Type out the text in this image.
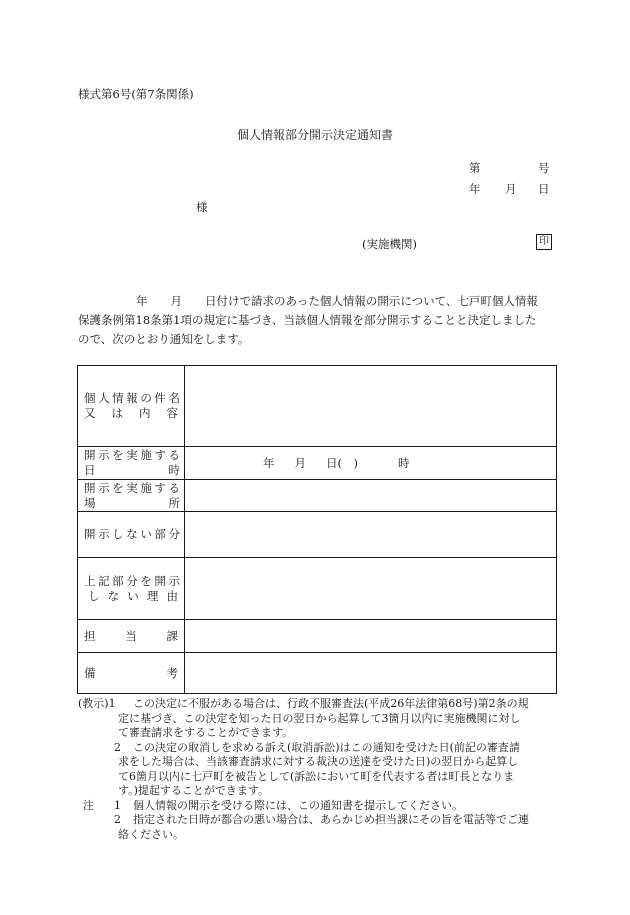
様式第6号(第7条関係)
個人情報部分開示決定通知書
第	号
年 月 日
様
(実施機関)	印
年　　月　　日付けで請求のあった個人情報の開示について、七戸町個人情報
保護条例第18条第1項の規定に基づき、当該個人情報を部分開示することと決定しました
ので、次のとおり通知をします。
個人情報の件名
又は内容	

開示を実施する
日時	年 月 日(　) 時

開示を実施する
場所	

開示しない部分	

上記部分を開示
しない理由	

担当課	

備考	

(教示)1 この決定に不服がある場合は、行政不服審査法(平成26年法律第68号)第2条の規
定に基づき、この決定を知った日の翌日から起算して3箇月以内に実施機関に対し
て審査請求をすることができます。
2 この決定の取消しを求める訴え(取消訴訟)はこの通知を受けた日(前記の審査請
求をした場合は、当該審査請求に対する裁決の送達を受けた日)の翌日から起算し
て6箇月以内に七戸町を被告として(訴訟において町を代表する者は町長となりま
す。)提起することができます。
注 1 個人情報の開示を受ける際には、この通知書を提示してください。
2 指定された日時が都合の悪い場合は、あらかじめ担当課にその旨を電話等でご連
絡ください。
